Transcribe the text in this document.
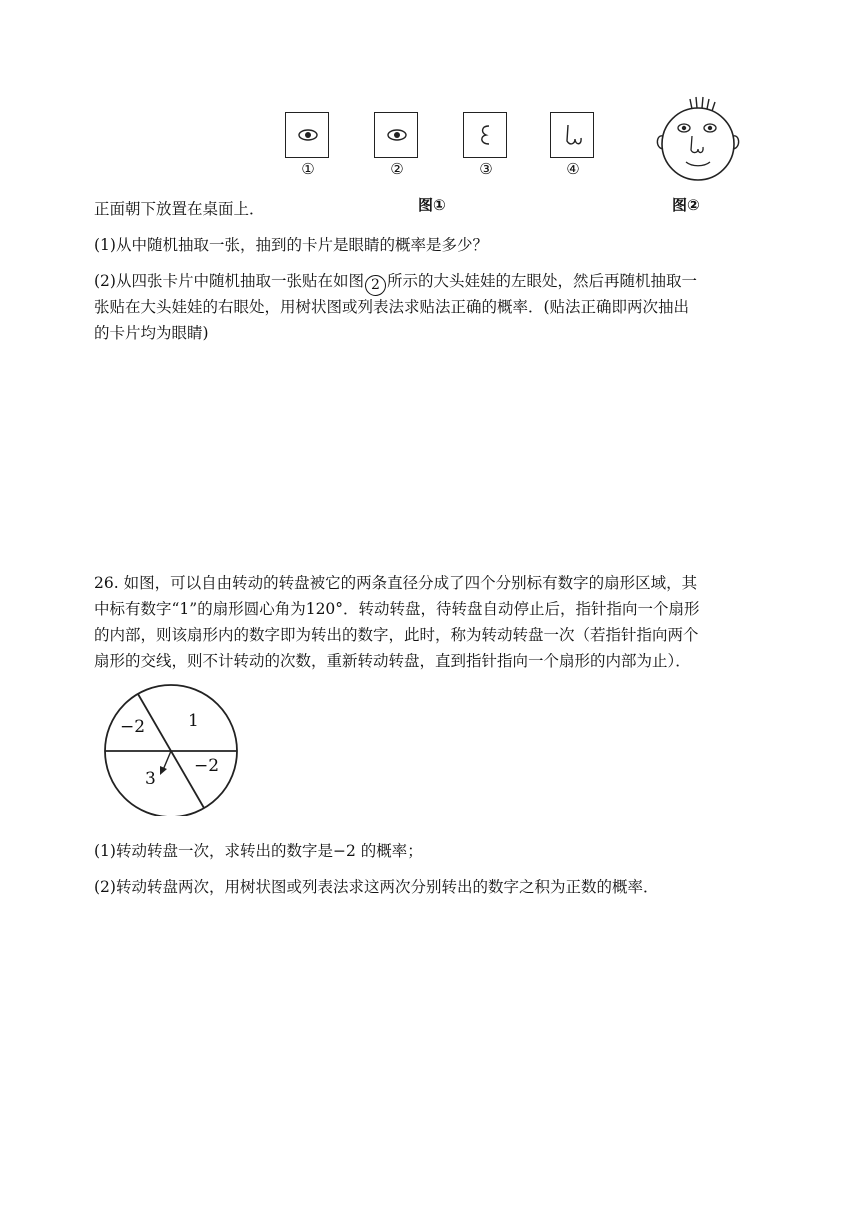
①	②	③	④
图①	图②
正面朝下放置在桌面上．
(1)从中随机抽取一张，抽到的卡片是眼睛的概率是多少？
(2)从四张卡片中随机抽取一张贴在如图 2 所示的大头娃娃的左眼处，然后再随机抽取一
张贴在大头娃娃的右眼处，用树状图或列表法求贴法正确的概率．(贴法正确即两次抽出
的卡片均为眼睛)
26. 如图，可以自由转动的转盘被它的两条直径分成了四个分别标有数字的扇形区域，其
中标有数字“1”的扇形圆心角为120°．转动转盘，待转盘自动停止后，指针指向一个扇形
的内部，则该扇形内的数字即为转出的数字，此时，称为转动转盘一次（若指针指向两个
扇形的交线，则不计转动的次数，重新转动转盘，直到指针指向一个扇形的内部为止）．
−2	1
3
−2
(1)转动转盘一次，求转出的数字是−2 的概率；
(2)转动转盘两次，用树状图或列表法求这两次分别转出的数字之积为正数的概率．
